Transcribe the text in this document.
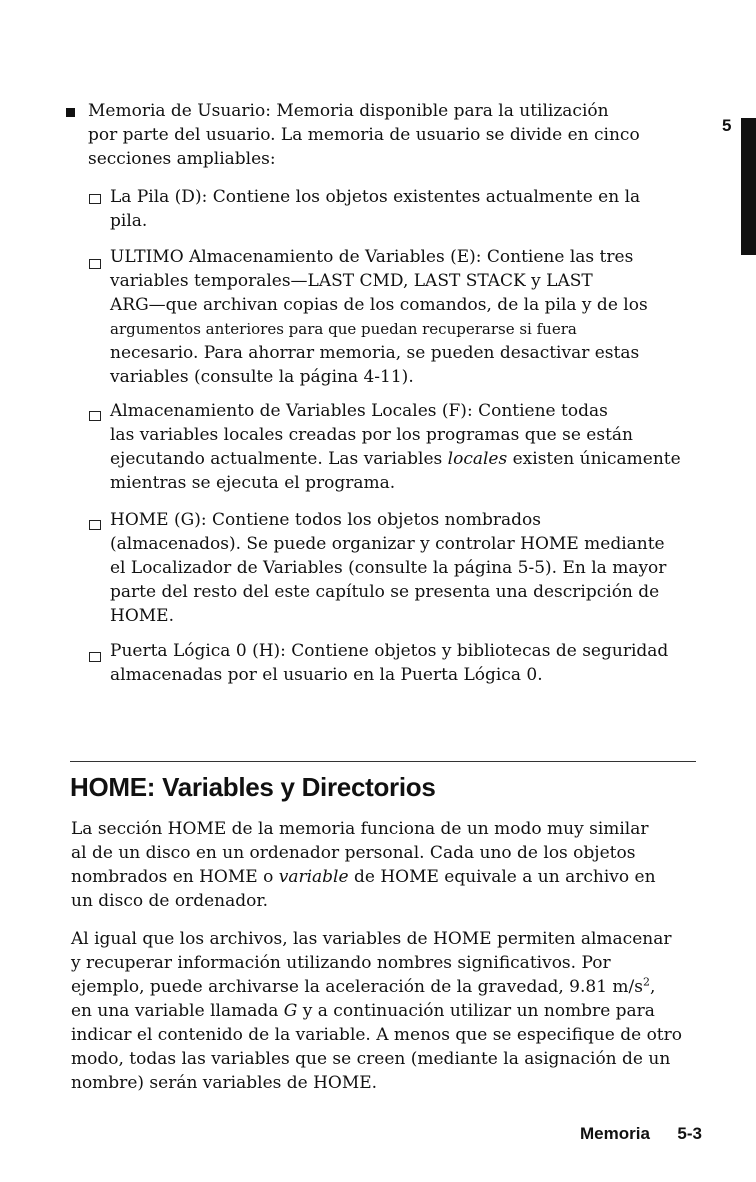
5
Memoria de Usuario: Memoria disponible para la utilización
por parte del usuario. La memoria de usuario se divide en cinco
secciones ampliables:
La Pila (D): Contiene los objetos existentes actualmente en la
pila.
ULTIMO Almacenamiento de Variables (E): Contiene las tres
variables temporales—LAST CMD, LAST STACK y LAST
ARG—que archivan copias de los comandos, de la pila y de los
argumentos anteriores para que puedan recuperarse si fuera
necesario. Para ahorrar memoria, se pueden desactivar estas
variables (consulte la página 4-11).
Almacenamiento de Variables Locales (F): Contiene todas
las variables locales creadas por los programas que se están
ejecutando actualmente. Las variables locales existen únicamente
mientras se ejecuta el programa.
HOME (G): Contiene todos los objetos nombrados
(almacenados). Se puede organizar y controlar HOME mediante
el Localizador de Variables (consulte la página 5-5). En la mayor
parte del resto del este capítulo se presenta una descripción de
HOME.
Puerta Lógica 0 (H): Contiene objetos y bibliotecas de seguridad
almacenadas por el usuario en la Puerta Lógica 0.
HOME: Variables y Directorios
La sección HOME de la memoria funciona de un modo muy similar
al de un disco en un ordenador personal. Cada uno de los objetos
nombrados en HOME o variable de HOME equivale a un archivo en
un disco de ordenador.
Al igual que los archivos, las variables de HOME permiten almacenar
y recuperar información utilizando nombres significativos. Por
ejemplo, puede archivarse la aceleración de la gravedad, 9.81 $m/s^2$,
en una variable llamada G y a continuación utilizar un nombre para
indicar el contenido de la variable. A menos que se especifique de otro
modo, todas las variables que se creen (mediante la asignación de un
nombre) serán variables de HOME.
Memoria 5-3
